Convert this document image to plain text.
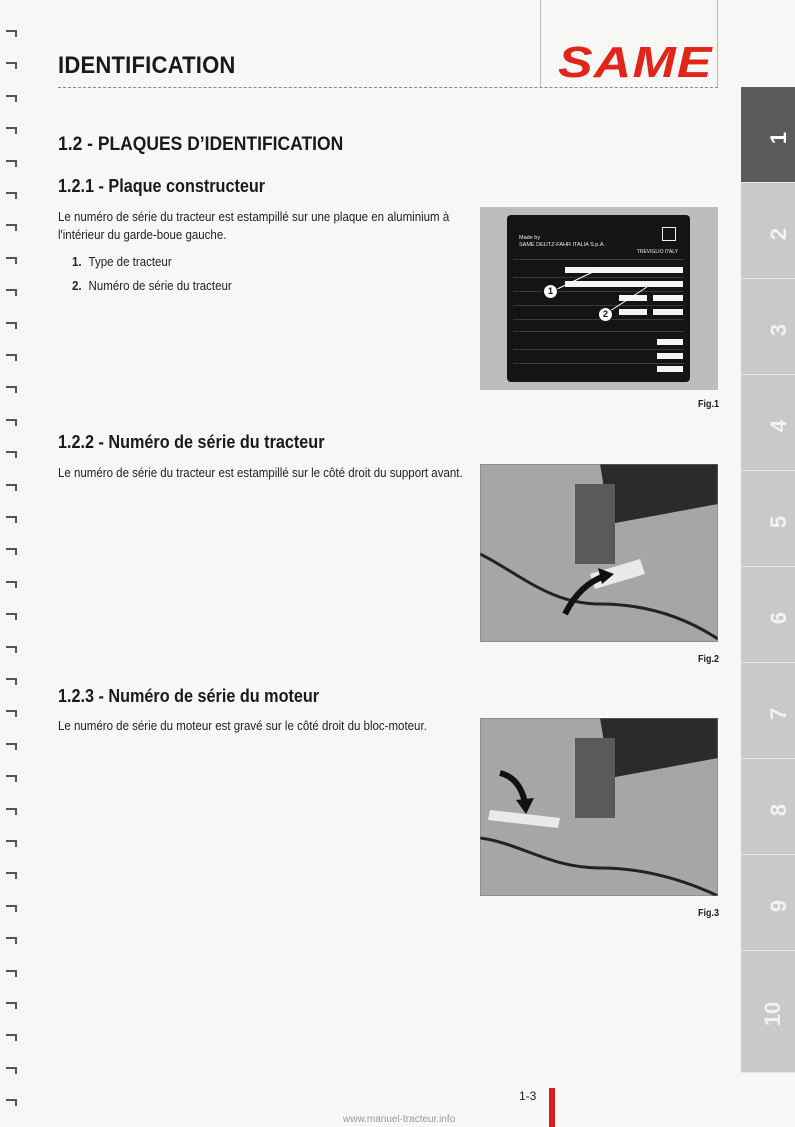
IDENTIFICATION	SAME
1
2
3
4
5
6
7
8
9
10
1.2 - PLAQUES D’IDENTIFICATION
1.2.1 - Plaque constructeur
Le numéro de série du tracteur est estampillé sur une plaque en aluminium à
l'intérieur du garde-boue gauche.
1. Type de tracteur
2. Numéro de série du tracteur
Made by
SAME DEUTZ-FAHR ITALIA S.p.A.
TREVIGLIO ITALY
1
2
Fig.1
1.2.2 - Numéro de série du tracteur
Le numéro de série du tracteur est estampillé sur le côté droit du support avant.
Fig.2
1.2.3 - Numéro de série du moteur
Le numéro de série du moteur est gravé sur le côté droit du bloc-moteur.
Fig.3
1-3
www.manuel-tracteur.info
